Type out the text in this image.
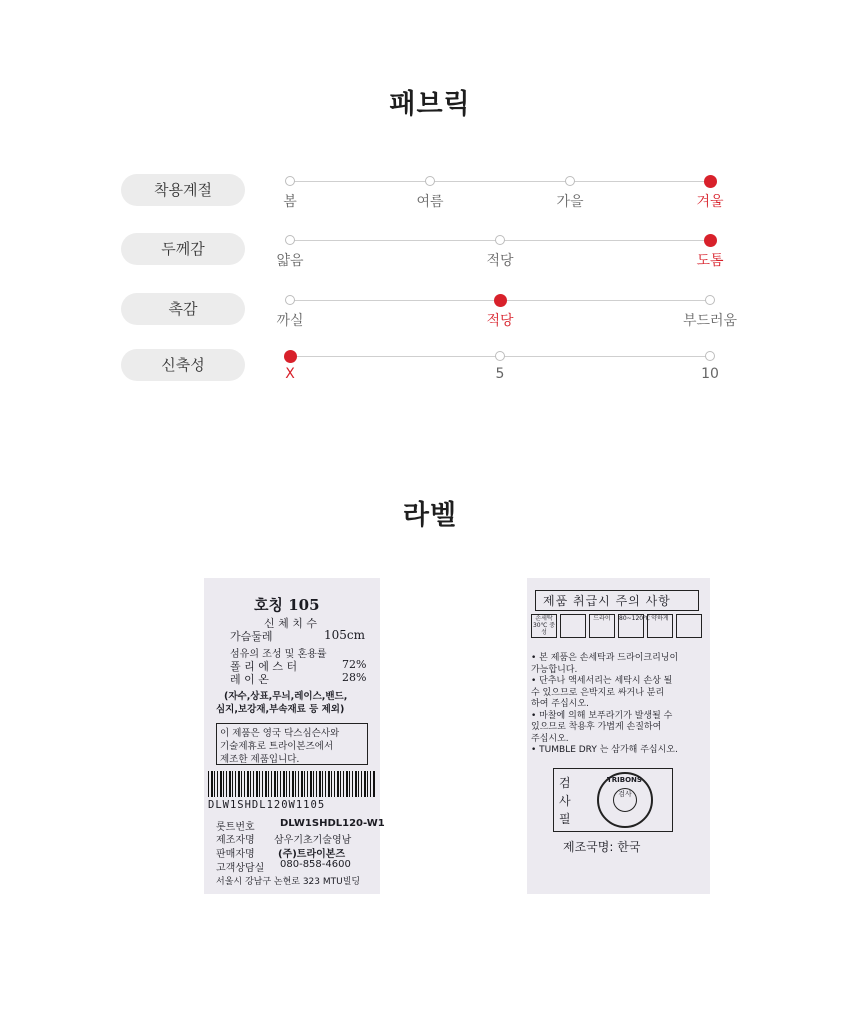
패브릭
착용계절
봄	여름	가을	겨울
두께감
얇음	적당	도톰
촉감
까실	적당	부드러움
신축성	X	5	10
라벨
호칭 105
신 체 치 수
가슴둘레	105cm
섬유의 조성 및 혼용률
폴 리 에 스 터	72%
레 이 온	28%
(자수,상표,무늬,레이스,밴드,
심지,보강재,부속재료 등 제외)
이 제품은 영국 닥스심슨사와
기술제휴로 트라이본즈에서
제조한 제품입니다.
DLW1SHDL120W1105
롯트번호	DLW1SHDL120-W1
제조자명 삼우기초기술영남
판매자명 (주)트라이본즈
고객상담실 080-858-4600
서울시 강남구 논현로 323 MTU빌딩
제품 취급시 주의 사항
손세탁 30℃ 중성
드라이	80~120℃ 약하게
• 본 제품은 손세탁과 드라이크리닝이
가능합니다.
• 단추나 액세서리는 세탁시 손상 될
수 있으므로 은박지로 싸거나 분리
하여 주십시오.
• 마찰에 의해 보푸라기가 발생될 수
있으므로 착용후 가볍게 손질하여
주십시오.
• TUMBLE DRY 는 삼가해 주십시오.
검
사
필
TRIBONS
검사
제조국명: 한국
